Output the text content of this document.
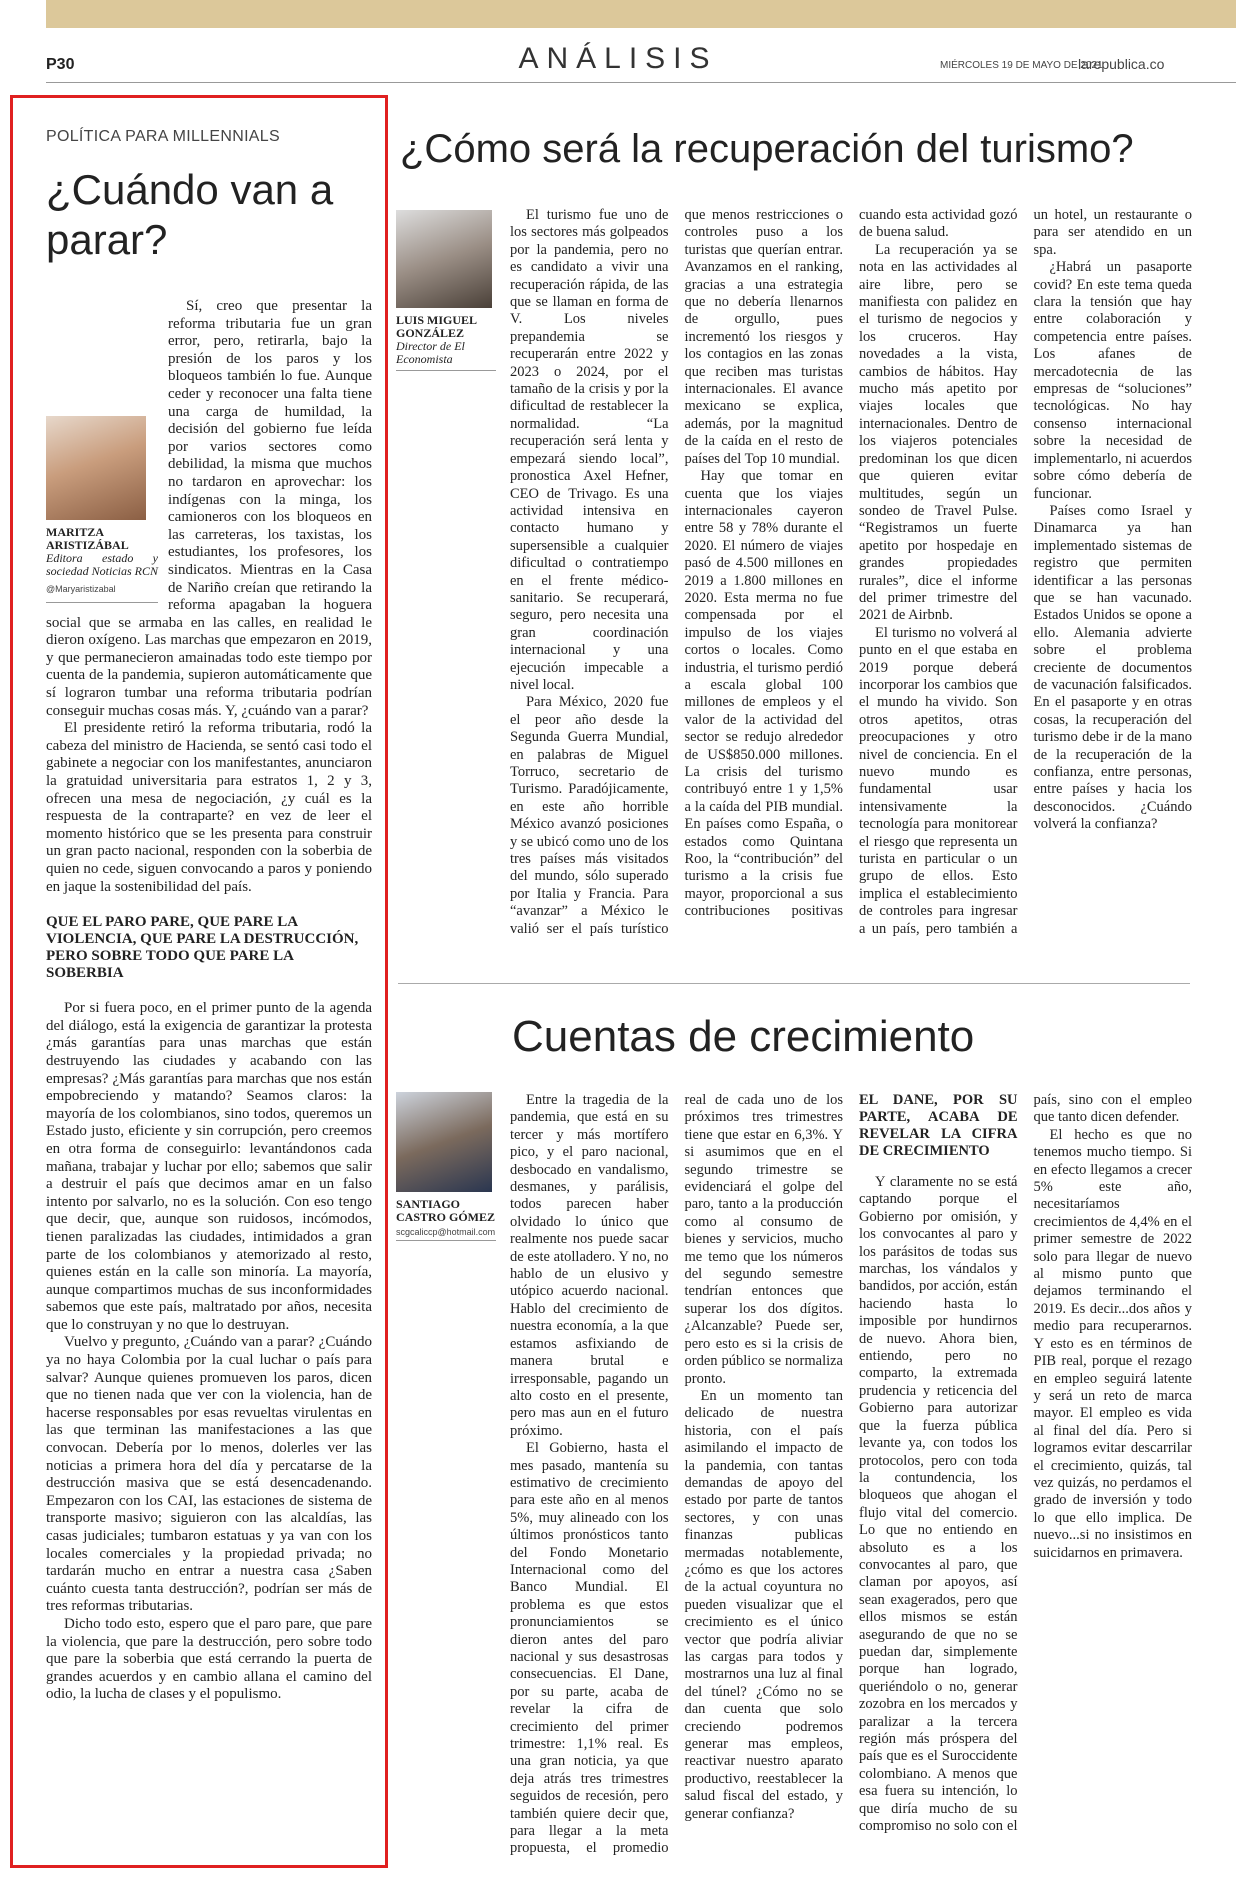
P30	ANÁLISIS	MIÉRCOLES 19 DE MAYO DE 2021
larepublica.co
POLÍTICA PARA MILLENNIALS
¿Cuándo van a parar?

MARITZA ARISTIZÁBAL
Editora estado y sociedad Noticias RCN
@Maryaristizabal
Sí, creo que presentar la reforma tributaria fue un gran error, pero, retirarla, bajo la presión de los paros y los bloqueos también lo fue. Aunque ceder y reconocer una falta tiene una carga de humildad, la decisión del gobierno fue leída por varios sectores como debilidad, la misma que muchos no tardaron en aprovechar: los indígenas con la minga, los camioneros con los bloqueos en las carreteras, los taxistas, los estudiantes, los profesores, los sindicatos. Mientras en la Casa de Nariño creían que retirando la reforma apagaban la hoguera social que se armaba en las calles, en realidad le dieron oxígeno. Las marchas que empezaron en 2019, y que permanecieron amainadas todo este tiempo por cuenta de la pandemia, supieron automáticamente que sí lograron tumbar una reforma tributaria podrían conseguir muchas cosas más. Y, ¿cuándo van a parar?

El presidente retiró la reforma tributaria, rodó la cabeza del ministro de Hacienda, se sentó casi todo el gabinete a negociar con los manifestantes, anunciaron la gratuidad universitaria para estratos 1, 2 y 3, ofrecen una mesa de negociación, ¿y cuál es la respuesta de la contraparte? en vez de leer el momento histórico que se les presenta para construir un gran pacto nacional, responden con la soberbia de quien no cede, siguen convocando a paros y poniendo en jaque la sostenibilidad del país.

QUE EL PARO PARE, QUE PARE LA VIOLENCIA, QUE PARE LA DESTRUCCIÓN, PERO SOBRE TODO QUE PARE LA SOBERBIA

Por si fuera poco, en el primer punto de la agenda del diálogo, está la exigencia de garantizar la protesta ¿más garantías para unas marchas que están destruyendo las ciudades y acabando con las empresas? ¿Más garantías para marchas que nos están empobreciendo y matando? Seamos claros: la mayoría de los colombianos, sino todos, queremos un Estado justo, eficiente y sin corrupción, pero creemos en otra forma de conseguirlo: levantándonos cada mañana, trabajar y luchar por ello; sabemos que salir a destruir el país que decimos amar en un falso intento por salvarlo, no es la solución. Con eso tengo que decir, que, aunque son ruidosos, incómodos, tienen paralizadas las ciudades, intimidados a gran parte de los colombianos y atemorizado al resto, quienes están en la calle son minoría. La mayoría, aunque compartimos muchas de sus inconformidades sabemos que este país, maltratado por años, necesita que lo construyan y no que lo destruyan.

Vuelvo y pregunto, ¿Cuándo van a parar? ¿Cuándo ya no haya Colombia por la cual luchar o país para salvar? Aunque quienes promueven los paros, dicen que no tienen nada que ver con la violencia, han de hacerse responsables por esas revueltas virulentas en las que terminan las manifestaciones a las que convocan. Debería por lo menos, dolerles ver las noticias a primera hora del día y percatarse de la destrucción masiva que se está desencadenando. Empezaron con los CAI, las estaciones de sistema de transporte masivo; siguieron con las alcaldías, las casas judiciales; tumbaron estatuas y ya van con los locales comerciales y la propiedad privada; no tardarán mucho en entrar a nuestra casa ¿Saben cuánto cuesta tanta destrucción?, podrían ser más de tres reformas tributarias.

Dicho todo esto, espero que el paro pare, que pare la violencia, que pare la destrucción, pero sobre todo que pare la soberbia que está cerrando la puerta de grandes acuerdos y en cambio allana el camino del odio, la lucha de clases y el populismo.

¿Cómo será la recuperación del turismo?
LUIS MIGUEL GONZÁLEZ
Director de El Economista

El turismo fue uno de los sectores más golpeados por la pandemia, pero no es candidato a vivir una recuperación rápida, de las que se llaman en forma de V. Los niveles prepandemia se recuperarán entre 2022 y 2023 o 2024, por el tamaño de la crisis y por la dificultad de restablecer la normalidad. “La recuperación será lenta y empezará siendo local”, pronostica Axel Hefner, CEO de Trivago. Es una actividad intensiva en contacto humano y supersensible a cualquier dificultad o contratiempo en el frente médico-sanitario. Se recuperará, seguro, pero necesita una gran coordinación internacional y una ejecución impecable a nivel local.

Para México, 2020 fue el peor año desde la Segunda Guerra Mundial, en palabras de Miguel Torruco, secretario de Turismo. Paradójicamente, en este año horrible México avanzó posiciones y se ubicó como uno de los tres países más visitados del mundo, sólo superado por Italia y Francia. Para “avanzar” a México le valió ser el país turístico que menos restricciones o controles puso a los turistas que querían entrar. Avanzamos en el ranking, gracias a una estrategia que no debería llenarnos de orgullo, pues incrementó los riesgos y los contagios en las zonas que reciben mas turistas internacionales. El avance mexicano se explica, además, por la magnitud de la caída en el resto de países del Top 10 mundial.

Hay que tomar en cuenta que los viajes internacionales cayeron entre 58 y 78% durante el 2020. El número de viajes pasó de 4.500 millones en 2019 a 1.800 millones en 2020. Esta merma no fue compensada por el impulso de los viajes cortos o locales. Como industria, el turismo perdió a escala global 100 millones de empleos y el valor de la actividad del sector se redujo alrededor de US$850.000 millones. La crisis del turismo contribuyó entre 1 y 1,5% a la caída del PIB mundial. En países como España, o estados como Quintana Roo, la “contribución” del turismo a la crisis fue mayor, proporcional a sus contribuciones positivas cuando esta actividad gozó de buena salud.

La recuperación ya se nota en las actividades al aire libre, pero se manifiesta con palidez en el turismo de negocios y los cruceros. Hay novedades a la vista, cambios de hábitos. Hay mucho más apetito por viajes locales que internacionales. Dentro de los viajeros potenciales predominan los que dicen que quieren evitar multitudes, según un sondeo de Travel Pulse. “Registramos un fuerte apetito por hospedaje en grandes propiedades rurales”, dice el informe del primer trimestre del 2021 de Airbnb.

El turismo no volverá al punto en el que estaba en 2019 porque deberá incorporar los cambios que el mundo ha vivido. Son otros apetitos, otras preocupaciones y otro nivel de conciencia. En el nuevo mundo es fundamental usar intensivamente la tecnología para monitorear el riesgo que representa un turista en particular o un grupo de ellos. Esto implica el establecimiento de controles para ingresar a un país, pero también a un hotel, un restaurante o para ser atendido en un spa.

¿Habrá un pasaporte covid? En este tema queda clara la tensión que hay entre colaboración y competencia entre países. Los afanes de mercadotecnia de las empresas de “soluciones” tecnológicas. No hay consenso internacional sobre la necesidad de implementarlo, ni acuerdos sobre cómo debería de funcionar.

Países como Israel y Dinamarca ya han implementado sistemas de registro que permiten identificar a las personas que se han vacunado. Estados Unidos se opone a ello. Alemania advierte sobre el problema creciente de documentos de vacunación falsificados. En el pasaporte y en otras cosas, la recuperación del turismo debe ir de la mano de la recuperación de la confianza, entre personas, entre países y hacia los desconocidos. ¿Cuándo volverá la confianza?

Cuentas de crecimiento
SANTIAGO CASTRO GÓMEZ
scgcaliccp@hotmail.com

Entre la tragedia de la pandemia, que está en su tercer y más mortífero pico, y el paro nacional, desbocado en vandalismo, desmanes, y parálisis, todos parecen haber olvidado lo único que realmente nos puede sacar de este atolladero. Y no, no hablo de un elusivo y utópico acuerdo nacional. Hablo del crecimiento de nuestra economía, a la que estamos asfixiando de manera brutal e irresponsable, pagando un alto costo en el presente, pero mas aun en el futuro próximo.

El Gobierno, hasta el mes pasado, mantenía su estimativo de crecimiento para este año en al menos 5%, muy alineado con los últimos pronósticos tanto del Fondo Monetario Internacional como del Banco Mundial. El problema es que estos pronunciamientos se dieron antes del paro nacional y sus desastrosas consecuencias. El Dane, por su parte, acaba de revelar la cifra de crecimiento del primer trimestre: 1,1% real. Es una gran noticia, ya que deja atrás tres trimestres seguidos de recesión, pero también quiere decir que, para llegar a la meta propuesta, el promedio real de cada uno de los próximos tres trimestres tiene que estar en 6,3%. Y si asumimos que en el segundo trimestre se evidenciará el golpe del paro, tanto a la producción como al consumo de bienes y servicios, mucho me temo que los números del segundo semestre tendrían entonces que superar los dos dígitos. ¿Alcanzable? Puede ser, pero esto es si la crisis de orden público se normaliza pronto.

En un momento tan delicado de nuestra historia, con el país asimilando el impacto de la pandemia, con tantas demandas de apoyo del estado por parte de tantos sectores, y con unas finanzas publicas mermadas notablemente, ¿cómo es que los actores de la actual coyuntura no pueden visualizar que el crecimiento es el único vector que podría aliviar las cargas para todos y mostrarnos una luz al final del túnel? ¿Cómo no se dan cuenta que solo creciendo podremos generar mas empleos, reactivar nuestro aparato productivo, reestablecer la salud fiscal del estado, y generar confianza?

EL DANE, POR SU PARTE, ACABA DE REVELAR LA CIFRA DE CRECIMIENTO

Y claramente no se está captando porque el Gobierno por omisión, y los convocantes al paro y los parásitos de todas sus marchas, los vándalos y bandidos, por acción, están haciendo hasta lo imposible por hundirnos de nuevo. Ahora bien, entiendo, pero no comparto, la extremada prudencia y reticencia del Gobierno para autorizar que la fuerza pública levante ya, con todos los protocolos, pero con toda la contundencia, los bloqueos que ahogan el flujo vital del comercio. Lo que no entiendo en absoluto es a los convocantes al paro, que claman por apoyos, así sean exagerados, pero que ellos mismos se están asegurando de que no se puedan dar, simplemente porque han logrado, queriéndolo o no, generar zozobra en los mercados y paralizar a la tercera región más próspera del país que es el Suroccidente colombiano. A menos que esa fuera su intención, lo que diría mucho de su compromiso no solo con el país, sino con el empleo que tanto dicen defender.

El hecho es que no tenemos mucho tiempo. Si en efecto llegamos a crecer 5% este año, necesitaríamos crecimientos de 4,4% en el primer semestre de 2022 solo para llegar de nuevo al mismo punto que dejamos terminando el 2019. Es decir...dos años y medio para recuperarnos. Y esto es en términos de PIB real, porque el rezago en empleo seguirá latente y será un reto de marca mayor. El empleo es vida al final del día. Pero si logramos evitar descarrilar el crecimiento, quizás, tal vez quizás, no perdamos el grado de inversión y todo lo que ello implica. De nuevo...si no insistimos en suicidarnos en primavera.
